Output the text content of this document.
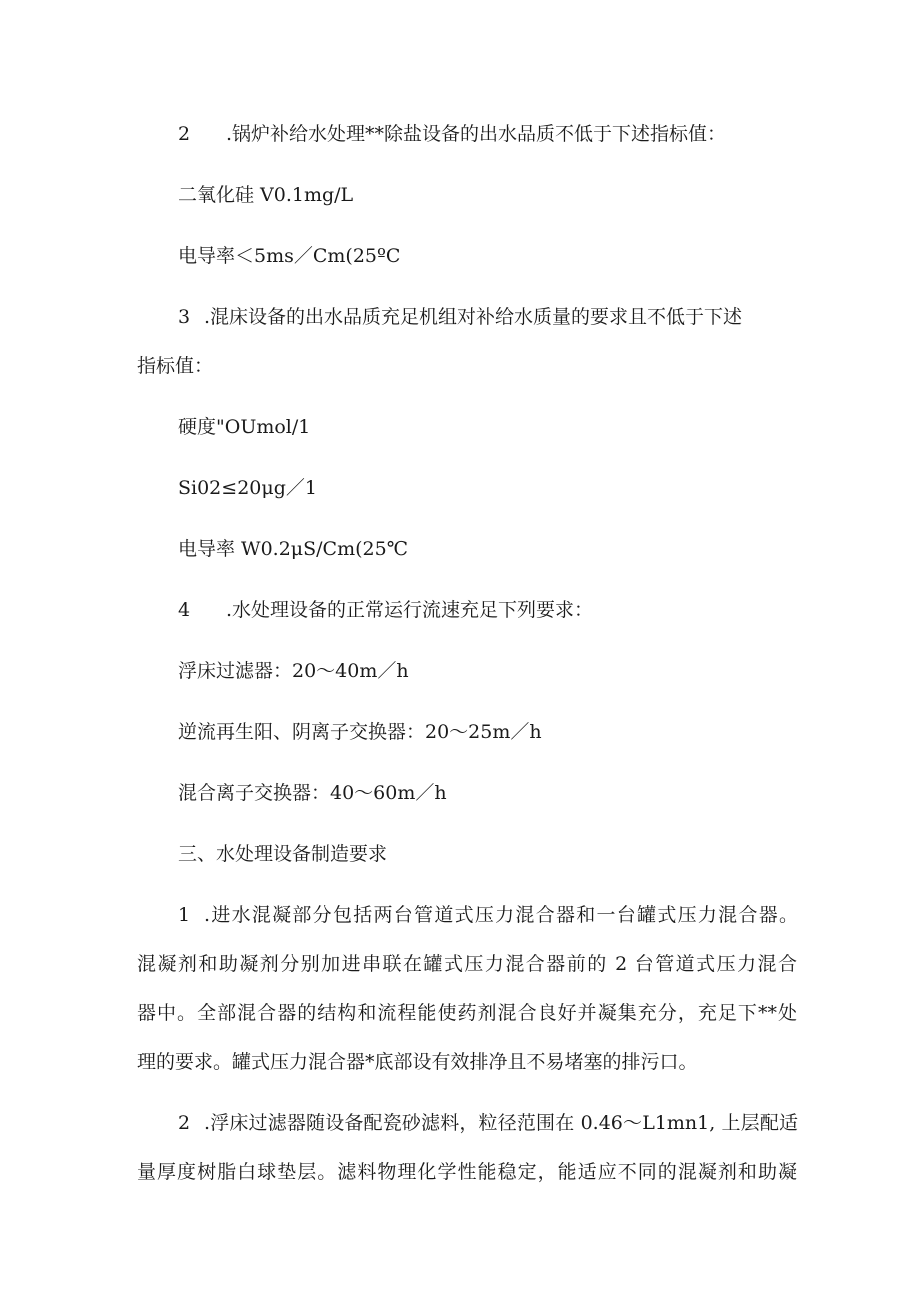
2 .锅炉补给水处理**除盐设备的出水品质不低于下述指标值：
二氧化硅 V0.1mg/L
电导率＜5ms／Cm(25ºC
3 .混床设备的出水品质充足机组对补给水质量的要求且不低于下述
指标值：
硬度"OUmol/1
Si02≤20μg／1
电导率 W0.2μS/Cm(25℃
4 .水处理设备的正常运行流速充足下列要求：
浮床过滤器：20～40m／h
逆流再生阳、阴离子交换器：20～25m／h
混合离子交换器：40～60m／h
三、水处理设备制造要求
1 .进水混凝部分包括两台管道式压力混合器和一台罐式压力混合器。
混凝剂和助凝剂分别加进串联在罐式压力混合器前的 2 台管道式压力混合
器中。全部混合器的结构和流程能使药剂混合良好并凝集充分，充足下**处
理的要求。罐式压力混合器*底部设有效排净且不易堵塞的排污口。
2 .浮床过滤器随设备配瓷砂滤料，粒径范围在 0.46～L1mn1, 上层配适
量厚度树脂白球垫层。滤料物理化学性能稳定，能适应不同的混凝剂和助凝
